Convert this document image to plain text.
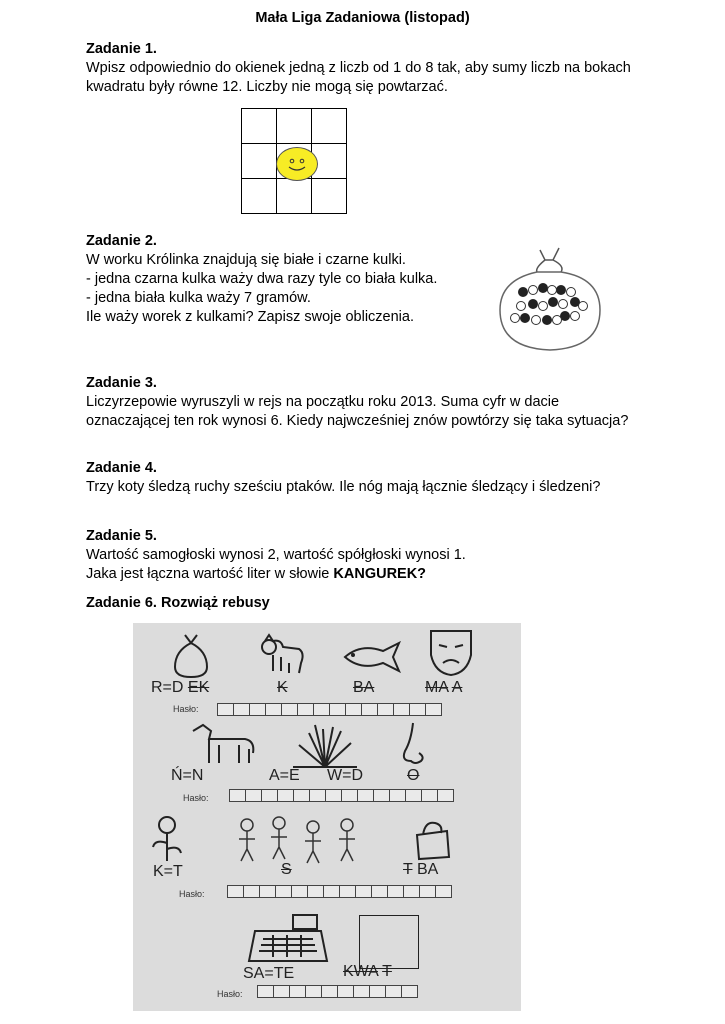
Mała Liga Zadaniowa (listopad)
Zadanie 1.
Wpisz odpowiednio do okienek jedną z liczb od 1 do 8 tak, aby sumy liczb na bokach
kwadratu były równe 12. Liczby nie mogą się powtarzać.

Zadanie 2.
W worku Królinka znajdują się białe i czarne kulki.
- jedna czarna kulka waży dwa razy tyle co biała kulka.
- jedna biała kulka waży 7 gramów.
Ile waży worek z kulkami? Zapisz swoje obliczenia.
Zadanie 3.
Liczyrzepowie wyruszyli w rejs na początku roku 2013. Suma cyfr w dacie
oznaczającej ten rok wynosi 6. Kiedy najwcześniej znów powtórzy się taka sytuacja?
Zadanie 4.
Trzy koty śledzą ruchy sześciu ptaków. Ile nóg mają łącznie śledzący i śledzeni?
Zadanie 5.
Wartość samogłoski wynosi 2, wartość spółgłoski wynosi 1.
Jaka jest łączna wartość liter w słowie KANGUREK?
Zadanie 6. Rozwiąż rebusy
R=D EK	K	BA	MA A
Hasło:
Ń=N	A=E W=D	O
Hasło:
K=T	S	T BA
Hasło:
SA=TE	KWA T
Hasło:
